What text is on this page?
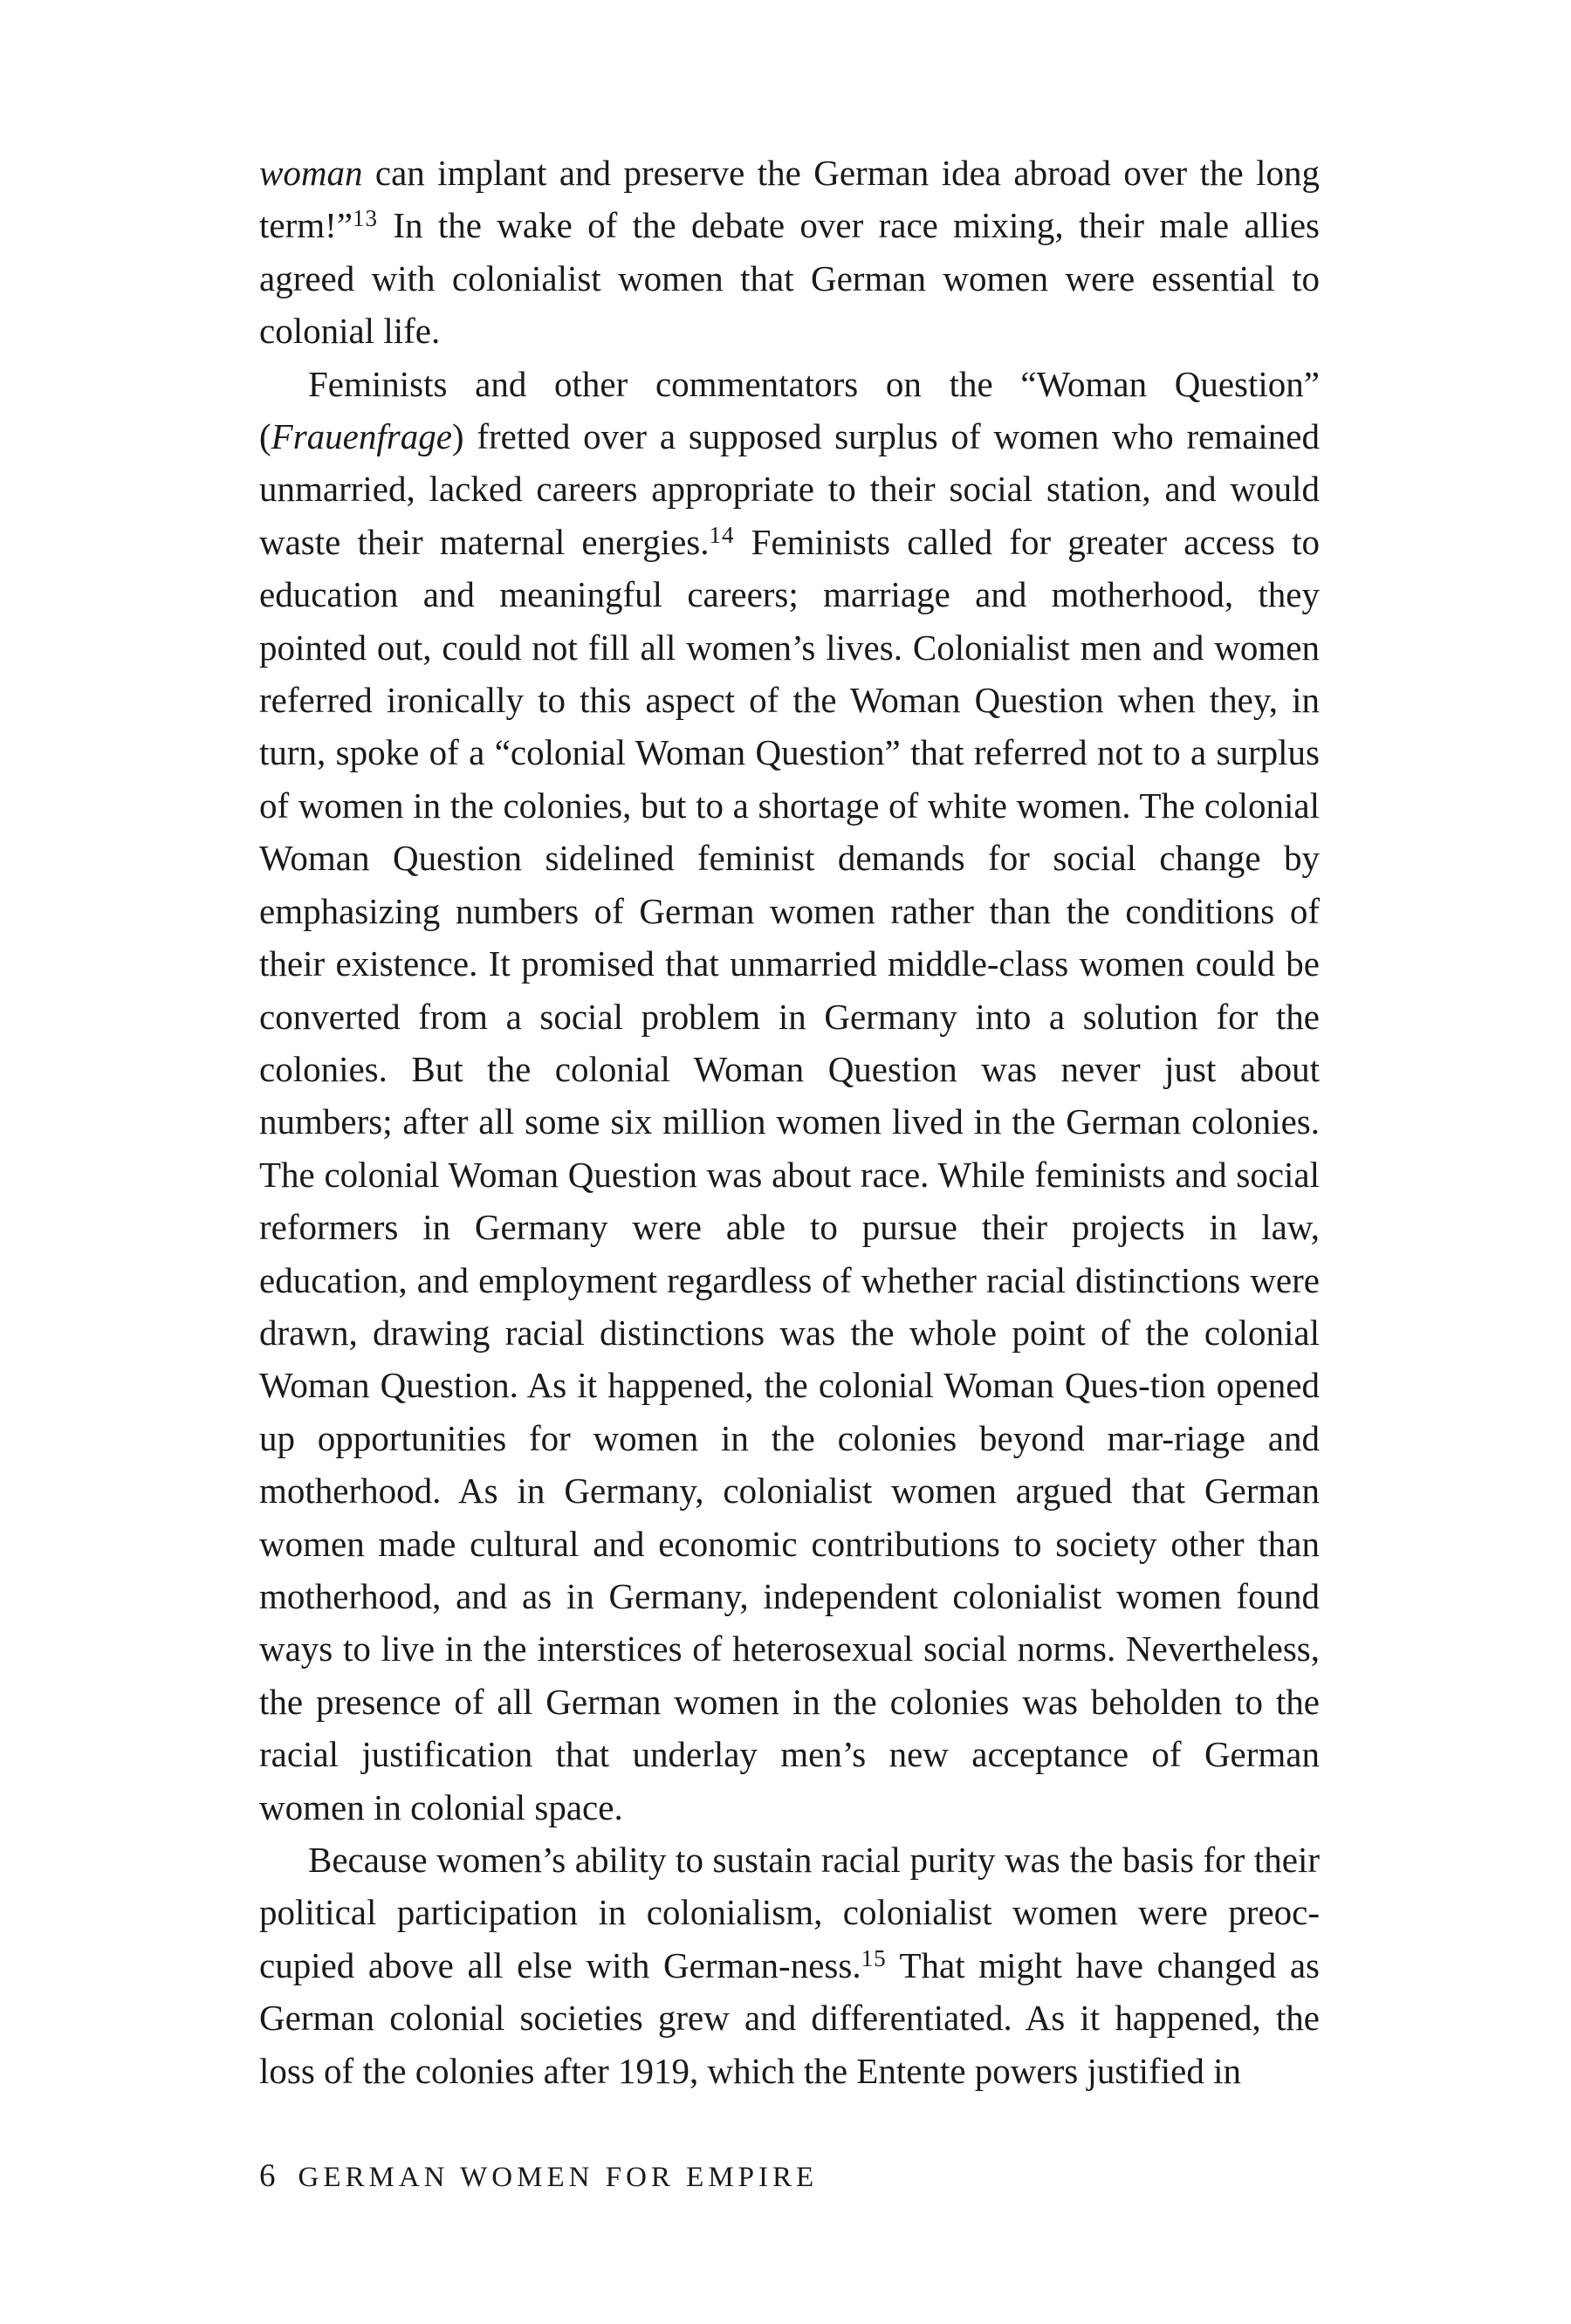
woman can implant and preserve the German idea abroad over the long term!”$^{13}$ In the wake of the debate over race mixing, their male allies agreed with colonialist women that German women were essential to colonial life.

Feminists and other commentators on the “Woman Question” (Frauenfrage) fretted over a supposed surplus of women who remained unmarried, lacked careers appropriate to their social station, and would waste their maternal energies.$^{14}$ Feminists called for greater access to education and meaningful careers; marriage and motherhood, they pointed out, could not fill all women’s lives. Colonialist men and women referred ironically to this aspect of the Woman Question when they, in turn, spoke of a “colonial Woman Question” that referred not to a surplus of women in the colonies, but to a shortage of white women. The colonial Woman Question sidelined feminist demands for social change by emphasizing numbers of German women rather than the conditions of their existence. It promised that unmarried middle-class women could be converted from a social problem in Germany into a solution for the colonies. But the colonial Woman Question was never just about numbers; after all some six million women lived in the German colonies. The colonial Woman Question was about race. While feminists and social reformers in Germany were able to pursue their projects in law, education, and employment regardless of whether racial distinctions were drawn, drawing racial distinctions was the whole point of the colonial Woman Question. As it happened, the colonial Woman Ques-tion opened up opportunities for women in the colonies beyond mar-riage and motherhood. As in Germany, colonialist women argued that German women made cultural and economic contributions to society other than motherhood, and as in Germany, independent colonialist women found ways to live in the interstices of heterosexual social norms. Nevertheless, the presence of all German women in the colonies was beholden to the racial justification that underlay men’s new acceptance of German women in colonial space.

Because women’s ability to sustain racial purity was the basis for their political participation in colonialism, colonialist women were preoc-cupied above all else with German-ness.$^{15}$ That might have changed as German colonial societies grew and differentiated. As it happened, the loss of the colonies after 1919, which the Entente powers justified in

6 GERMAN WOMEN FOR EMPIRE
